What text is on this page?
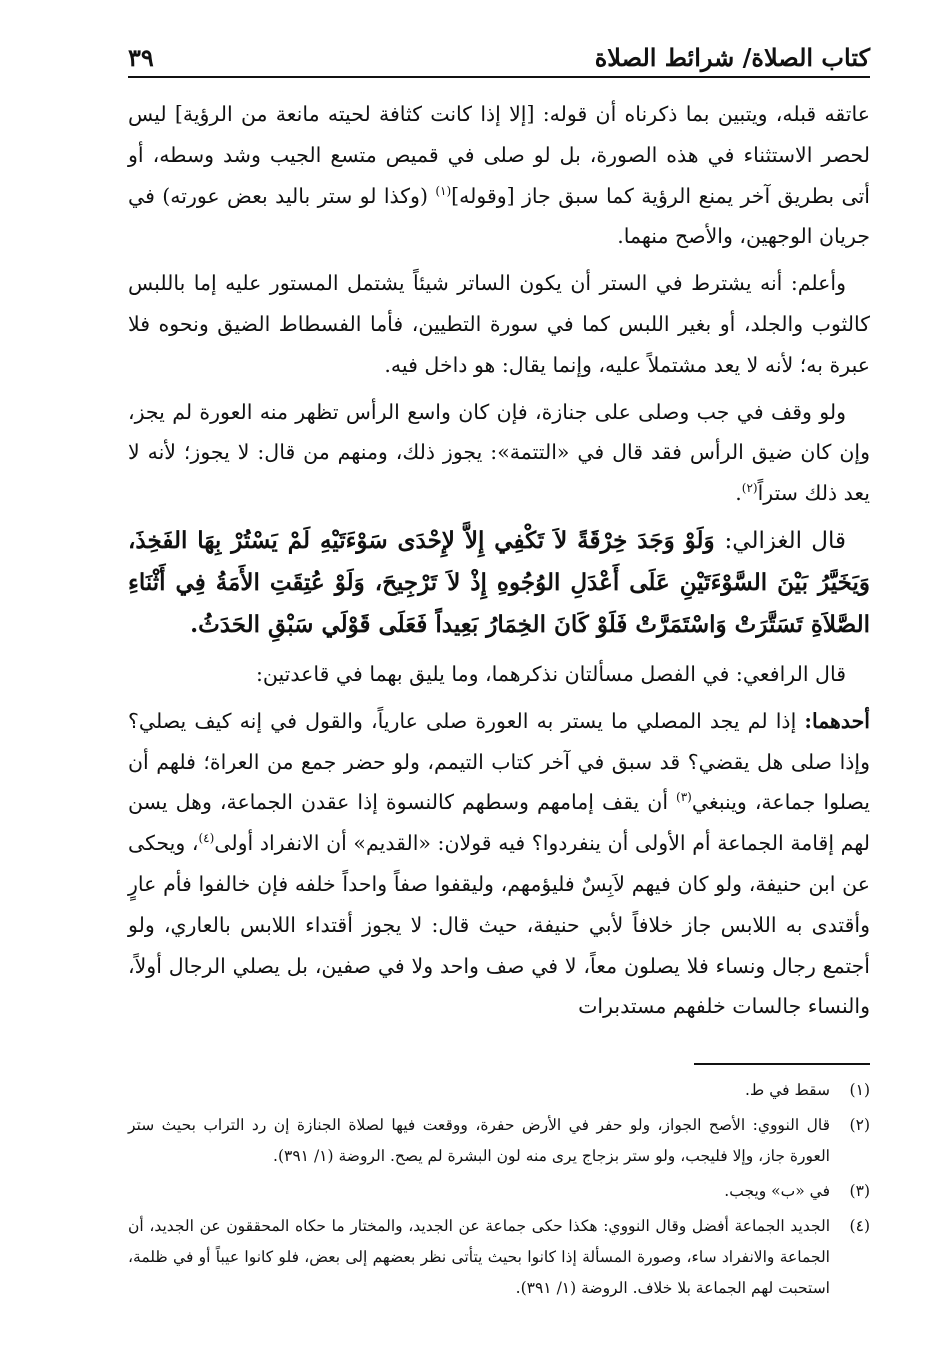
كتاب الصلاة/ شرائط الصلاة
٣٩

عاتقه قبله، ويتبين بما ذكرناه أن قوله: [إلا إذا كانت كثافة لحيته مانعة من الرؤية] ليس لحصر الاستثناء في هذه الصورة، بل لو صلى في قميص متسع الجيب وشد وسطه، أو أتى بطريق آخر يمنع الرؤية كما سبق جاز [وقوله]$^{(١)}$ (وكذا لو ستر باليد بعض عورته) في جريان الوجهين، والأصح منهما.

وأعلم: أنه يشترط في الستر أن يكون الساتر شيئاً يشتمل المستور عليه إما باللبس كالثوب والجلد، أو بغير اللبس كما في سورة التطيين، فأما الفسطاط الضيق ونحوه فلا عبرة به؛ لأنه لا يعد مشتملاً عليه، وإنما يقال: هو داخل فيه.

ولو وقف في جب وصلى على جنازة، فإن كان واسع الرأس تظهر منه العورة لم يجز، وإن كان ضيق الرأس فقد قال في «التتمة»: يجوز ذلك، ومنهم من قال: لا يجوز؛ لأنه لا يعد ذلك ستراً$^{(٢)}$.

قال الغزالي: وَلَوْ وَجَدَ خِرْقَةً لاَ تَكْفِي إِلاَّ لإِحْدَى سَوْءَتَيْهِ لَمْ يَسْتُرْ بِهَا الفَخِذَ، وَيَخَيَّرُ بَيْنَ السَّوْءَتَيْنِ عَلَى أَعْدَلِ الوُجُوهِ إِذْ لاَ تَرْجِيحَ، وَلَوْ عُتِقَتِ الأَمَةُ فِي أَثْنَاءِ الصَّلاَةِ تَسَتَّرَتْ وَاسْتَمَرَّتْ فَلَوْ كَانَ الخِمَارُ بَعِيداً فَعَلَى قَوْلَي سَبْقِ الحَدَثُ.

قال الرافعي: في الفصل مسألتان نذكرهما، وما يليق بهما في قاعدتين:

أحدهما: إذا لم يجد المصلي ما يستر به العورة صلى عارياً، والقول في إنه كيف يصلي؟ وإذا صلى هل يقضي؟ قد سبق في آخر كتاب التيمم، ولو حضر جمع من العراة؛ فلهم أن يصلوا جماعة، وينبغي$^{(٣)}$ أن يقف إمامهم وسطهم كالنسوة إذا عقدن الجماعة، وهل يسن لهم إقامة الجماعة أم الأولى أن ينفردوا؟ فيه قولان: «القديم» أن الانفراد أولى$^{(٤)}$، ويحكى عن ابن حنيفة، ولو كان فيهم لاَبِسٌ فليؤمهم، وليقفوا صفاً واحداً خلفه فإن خالفوا فأم عارٍ وأقتدى به اللابس جاز خلافاً لأبي حنيفة، حيث قال: لا يجوز أقتداء اللابس بالعاري، ولو أجتمع رجال ونساء فلا يصلون معاً، لا في صف واحد ولا في صفين، بل يصلي الرجال أولاً، والنساء جالسات خلفهم مستدبرات

(١)
سقط في ط.
(٢)
قال النووي: الأصح الجواز، ولو حفر في الأرض حفرة، ووقعت فيها لصلاة الجنازة إن رد التراب بحيث ستر العورة جاز، وإلا فليجب، ولو ستر بزجاج يرى منه لون البشرة لم يصح. الروضة (١/ ٣٩١).
(٣)
في «ب» ويجب.
(٤)
الجديد الجماعة أفضل وقال النووي: هكذا حكى جماعة عن الجديد، والمختار ما حكاه المحققون عن الجديد، أن الجماعة والانفراد ساء، وصورة المسألة إذا كانوا بحيث يتأتى نظر بعضهم إلى بعض، فلو كانوا عيباً أو في ظلمة، استحبت لهم الجماعة بلا خلاف. الروضة (١/ ٣٩١).
